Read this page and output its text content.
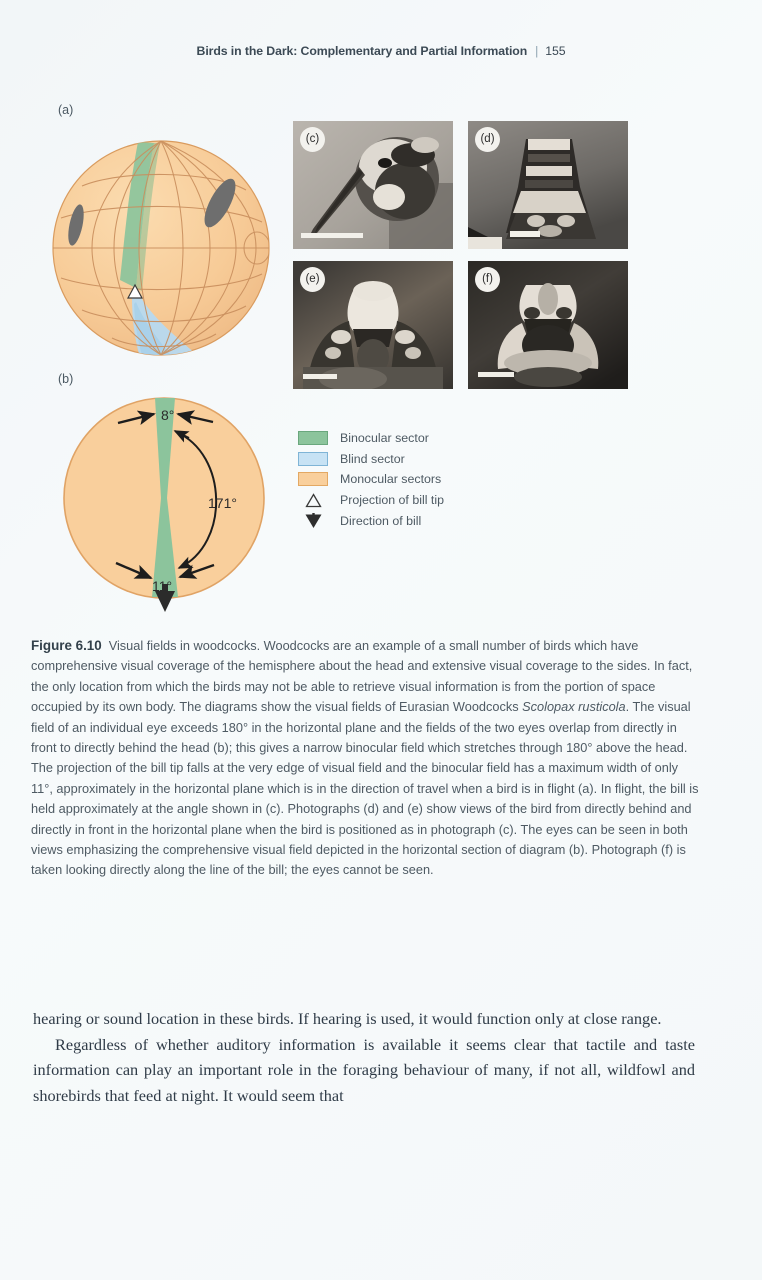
Birds in the Dark: Complementary and Partial Information | 155
(a)
(b)
8°
171°
11°
(c)	(d)
(e)	(f)
Binocular sector
Blind sector
Monocular sectors
Projection of bill tip
Direction of bill
Figure 6.10 Visual fields in woodcocks. Woodcocks are an example of a small number of birds which have comprehensive visual coverage of the hemisphere about the head and extensive visual coverage to the sides. In fact, the only location from which the birds may not be able to retrieve visual information is from the portion of space occupied by its own body. The diagrams show the visual fields of Eurasian Woodcocks Scolopax rusticola. The visual field of an individual eye exceeds 180° in the horizontal plane and the fields of the two eyes overlap from directly in front to directly behind the head (b); this gives a narrow binocular field which stretches through 180° above the head. The projection of the bill tip falls at the very edge of visual field and the binocular field has a maximum width of only 11°, approximately in the horizontal plane which is in the direction of travel when a bird is in flight (a). In flight, the bill is held approximately at the angle shown in (c). Photographs (d) and (e) show views of the bird from directly behind and directly in front in the horizontal plane when the bird is positioned as in photograph (c). The eyes can be seen in both views emphasizing the comprehensive visual field depicted in the horizontal section of diagram (b). Photograph (f) is taken looking directly along the line of the bill; the eyes cannot be seen.

hearing or sound location in these birds. If hearing is used, it would function only at close range.

Regardless of whether auditory information is available it seems clear that tactile and taste information can play an important role in the foraging behaviour of many, if not all, wildfowl and shorebirds that feed at night. It would seem that
